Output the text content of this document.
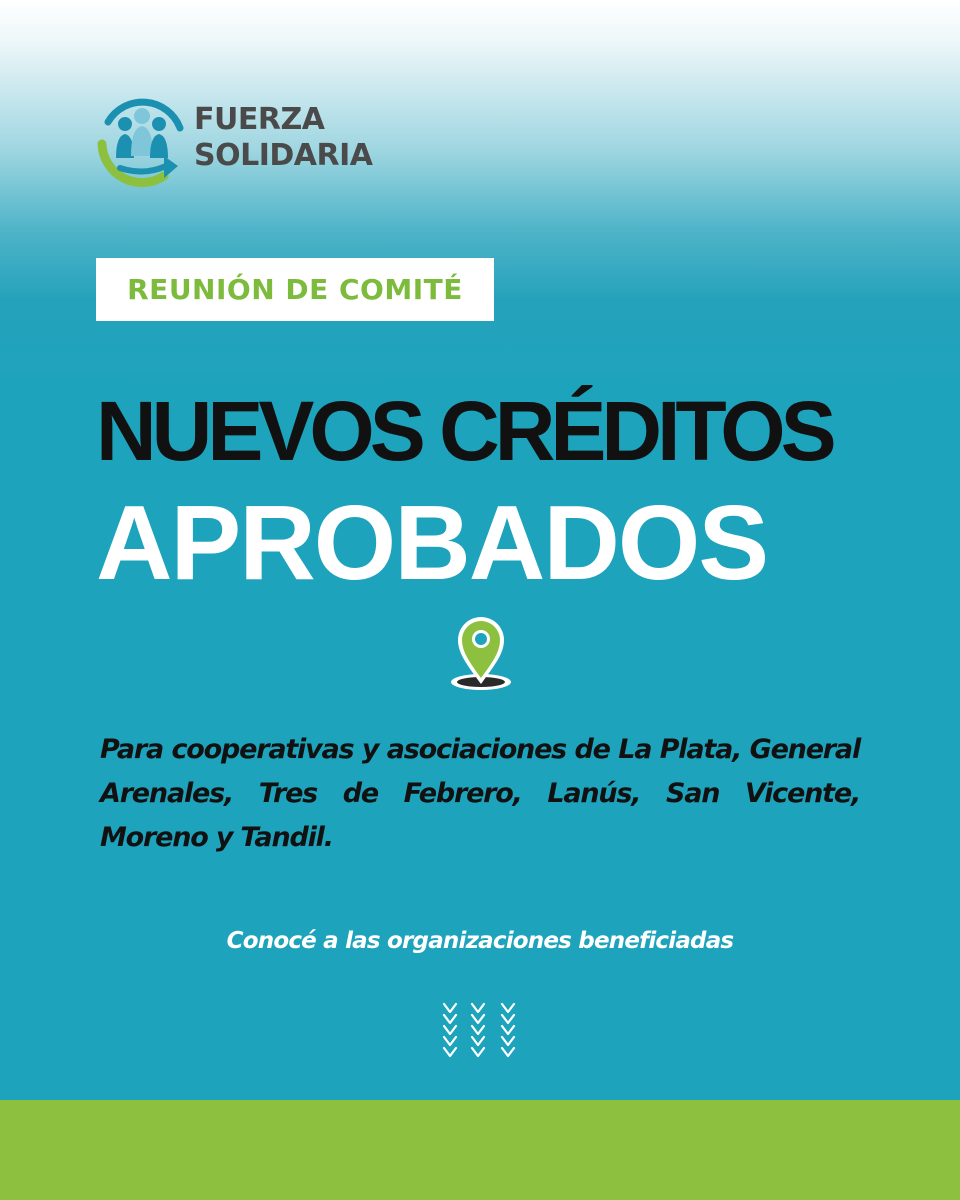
FUERZA
SOLIDARIA
REUNIÓN DE COMITÉ
NUEVOS CRÉDITOS
APROBADOS
Para cooperativas y asociaciones de La Plata, General Arenales, Tres de Febrero, Lanús, San Vicente, Moreno y Tandil.
Conocé a las organizaciones beneficiadas
